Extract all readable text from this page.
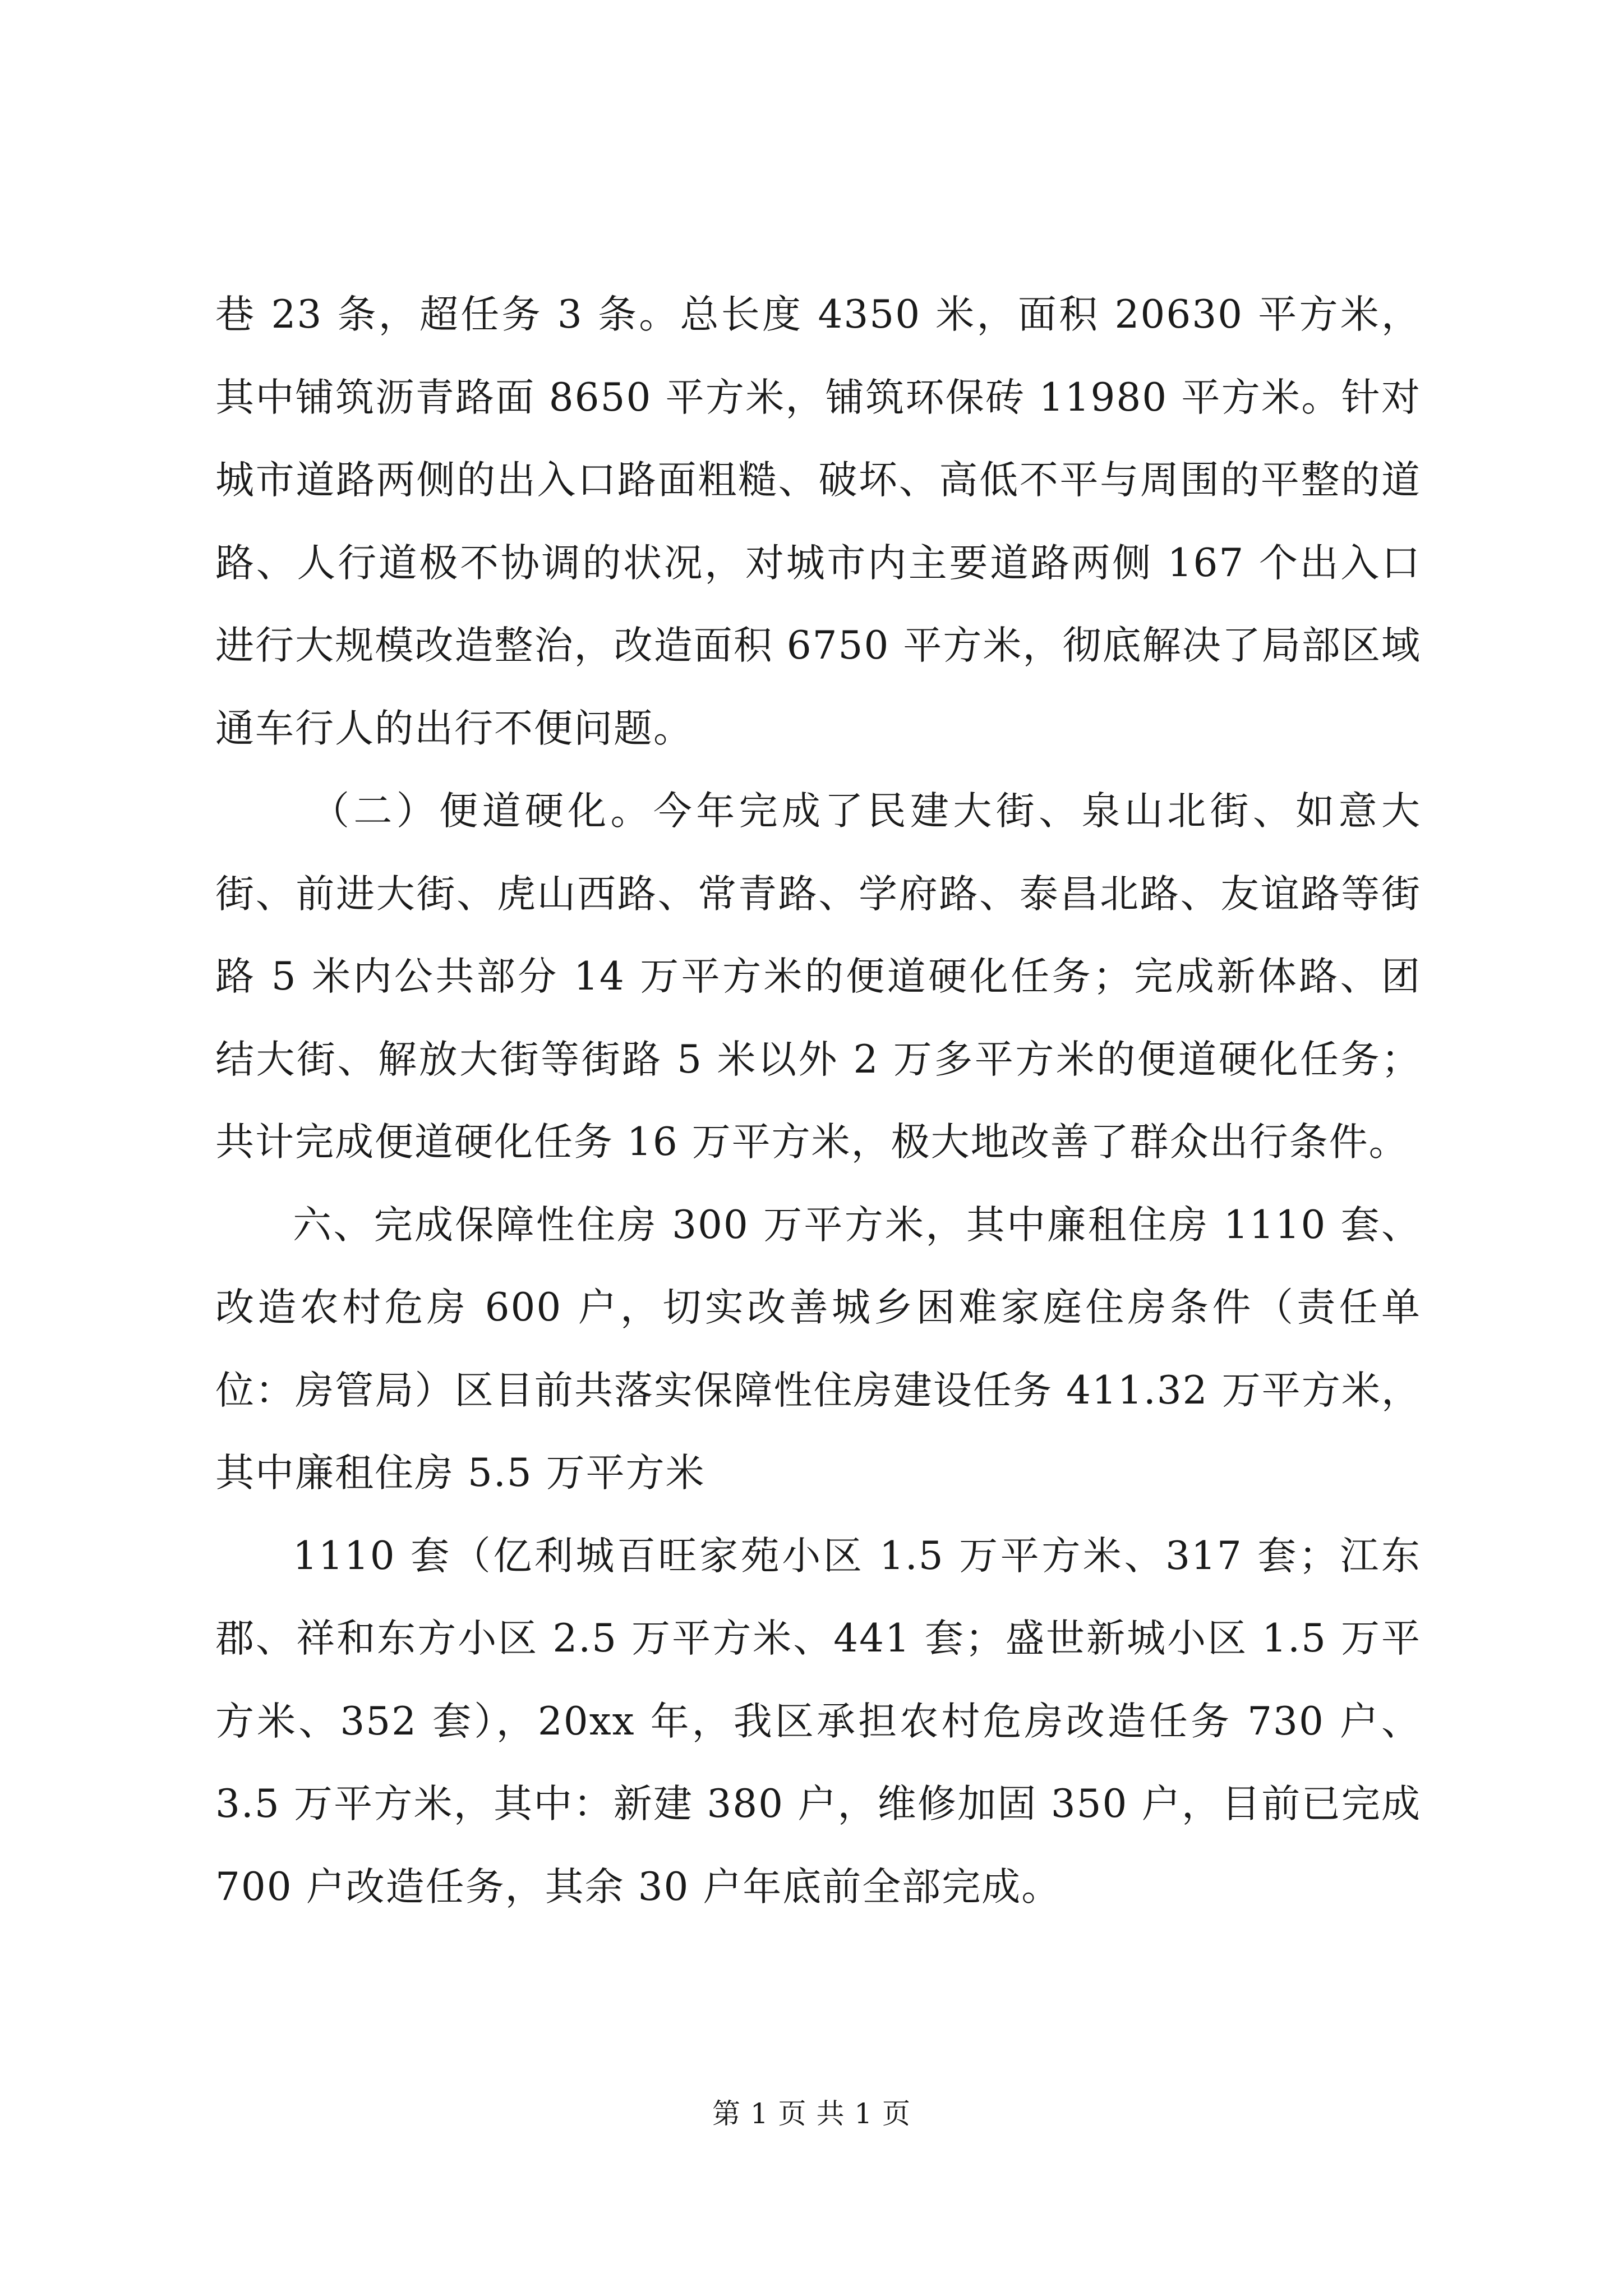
巷 23 条，超任务 3 条。总长度 4350 米，面积 20630 平方米，其中铺筑沥青路面 8650 平方米，铺筑环保砖 11980 平方米。针对城市道路两侧的出入口路面粗糙、破坏、高低不平与周围的平整的道路、人行道极不协调的状况，对城市内主要道路两侧 167 个出入口进行大规模改造整治，改造面积 6750 平方米，彻底解决了局部区域通车行人的出行不便问题。

（二）便道硬化。今年完成了民建大街、泉山北街、如意大街、前进大街、虎山西路、常青路、学府路、泰昌北路、友谊路等街路 5 米内公共部分 14 万平方米的便道硬化任务；完成新体路、团结大街、解放大街等街路 5 米以外 2 万多平方米的便道硬化任务；共计完成便道硬化任务 16 万平方米，极大地改善了群众出行条件。

六、完成保障性住房 300 万平方米，其中廉租住房 1110 套、改造农村危房 600 户，切实改善城乡困难家庭住房条件（责任单位：房管局）区目前共落实保障性住房建设任务 411.32 万平方米，其中廉租住房 5.5 万平方米

1110 套（亿利城百旺家苑小区 1.5 万平方米、317 套；江东郡、祥和东方小区 2.5 万平方米、441 套；盛世新城小区 1.5 万平方米、352 套），20xx 年，我区承担农村危房改造任务 730 户、3.5 万平方米，其中：新建 380 户，维修加固 350 户，目前已完成 700 户改造任务，其余 30 户年底前全部完成。

第 1 页 共 1 页
